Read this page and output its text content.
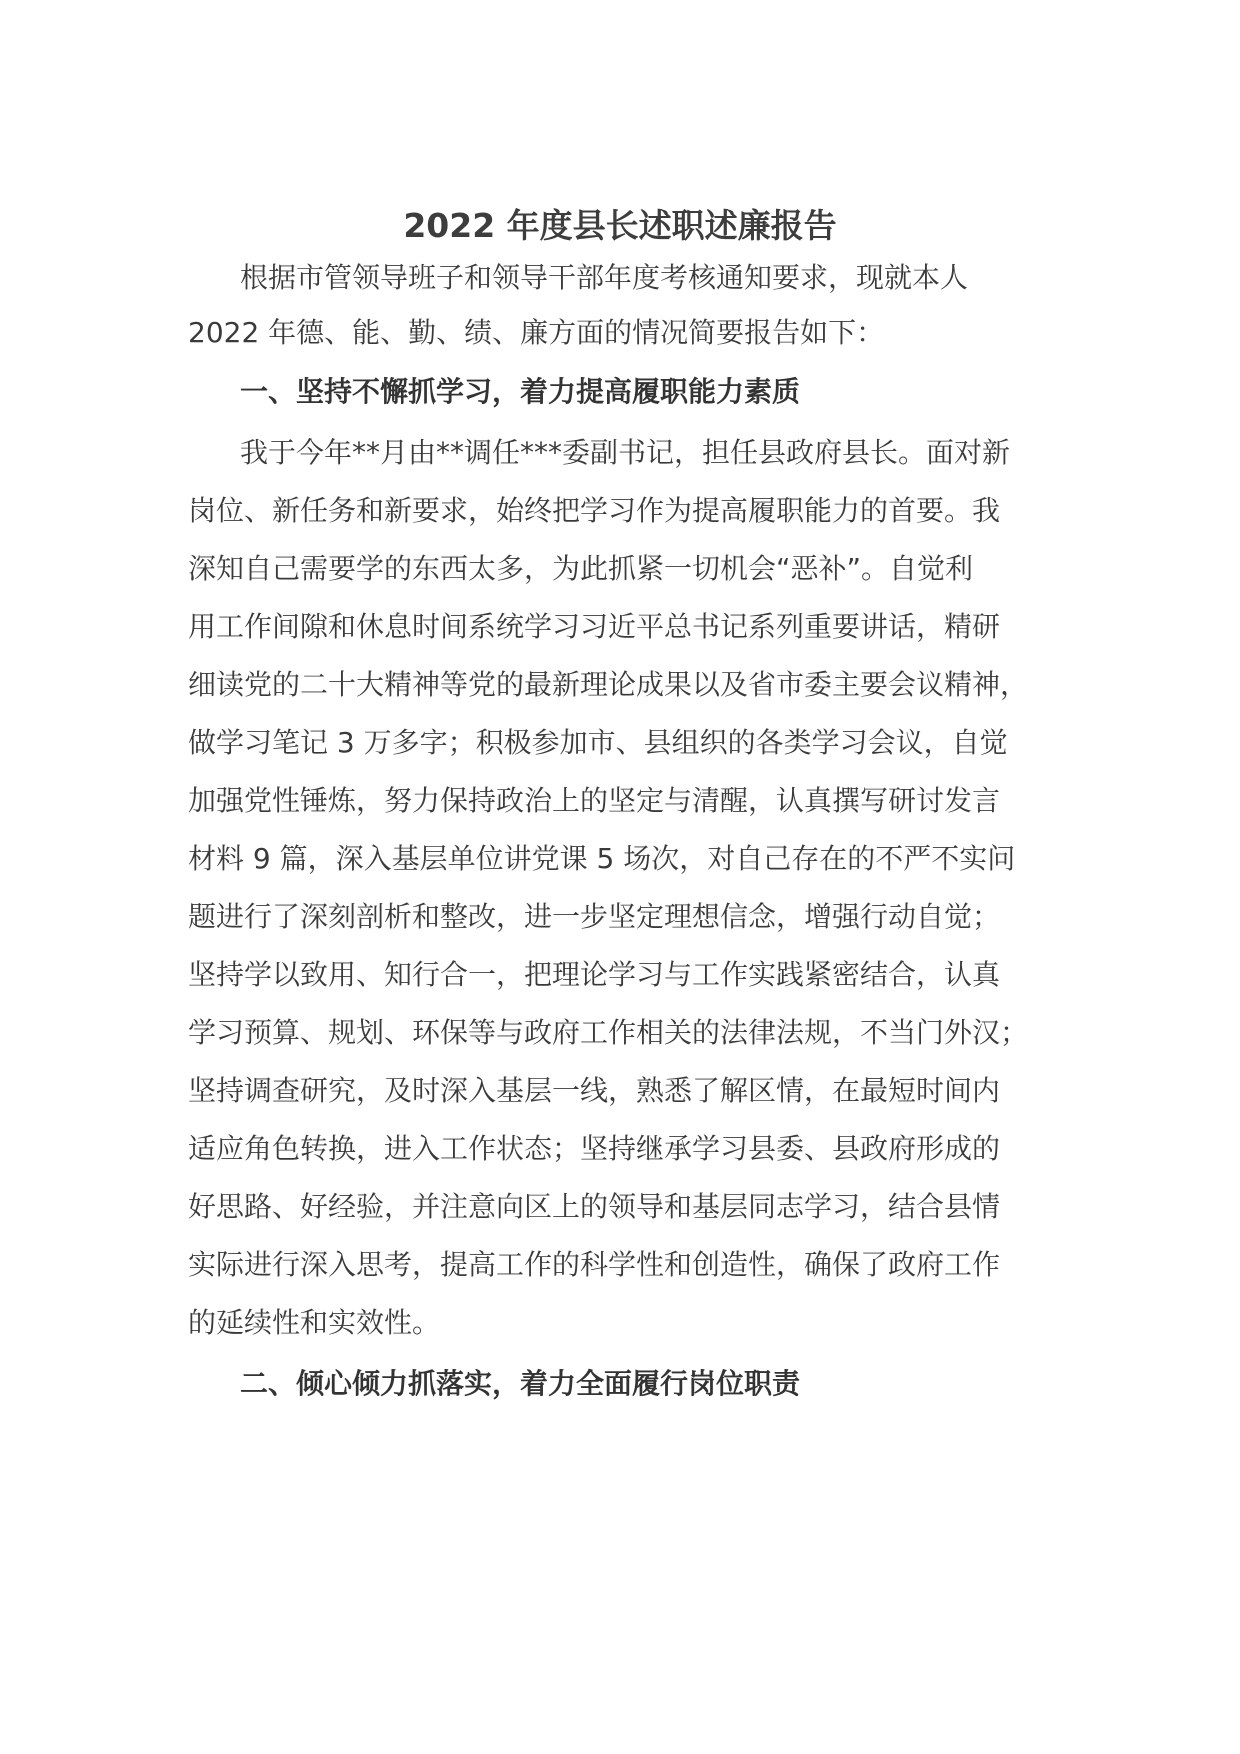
2022 年度县长述职述廉报告
根据市管领导班子和领导干部年度考核通知要求，现就本人
2022 年德、能、勤、绩、廉方面的情况简要报告如下：
一、坚持不懈抓学习，着力提高履职能力素质
我于今年**月由**调任***委副书记，担任县政府县长。面对新
岗位、新任务和新要求，始终把学习作为提高履职能力的首要。我
深知自己需要学的东西太多，为此抓紧一切机会“恶补”。自觉利
用工作间隙和休息时间系统学习习近平总书记系列重要讲话，精研
细读党的二十大精神等党的最新理论成果以及省市委主要会议精神，
做学习笔记 3 万多字；积极参加市、县组织的各类学习会议，自觉
加强党性锤炼，努力保持政治上的坚定与清醒，认真撰写研讨发言
材料 9 篇，深入基层单位讲党课 5 场次，对自己存在的不严不实问
题进行了深刻剖析和整改，进一步坚定理想信念，增强行动自觉；
坚持学以致用、知行合一，把理论学习与工作实践紧密结合，认真
学习预算、规划、环保等与政府工作相关的法律法规，不当门外汉；
坚持调查研究，及时深入基层一线，熟悉了解区情，在最短时间内
适应角色转换，进入工作状态；坚持继承学习县委、县政府形成的
好思路、好经验，并注意向区上的领导和基层同志学习，结合县情
实际进行深入思考，提高工作的科学性和创造性，确保了政府工作
的延续性和实效性。
二、倾心倾力抓落实，着力全面履行岗位职责
